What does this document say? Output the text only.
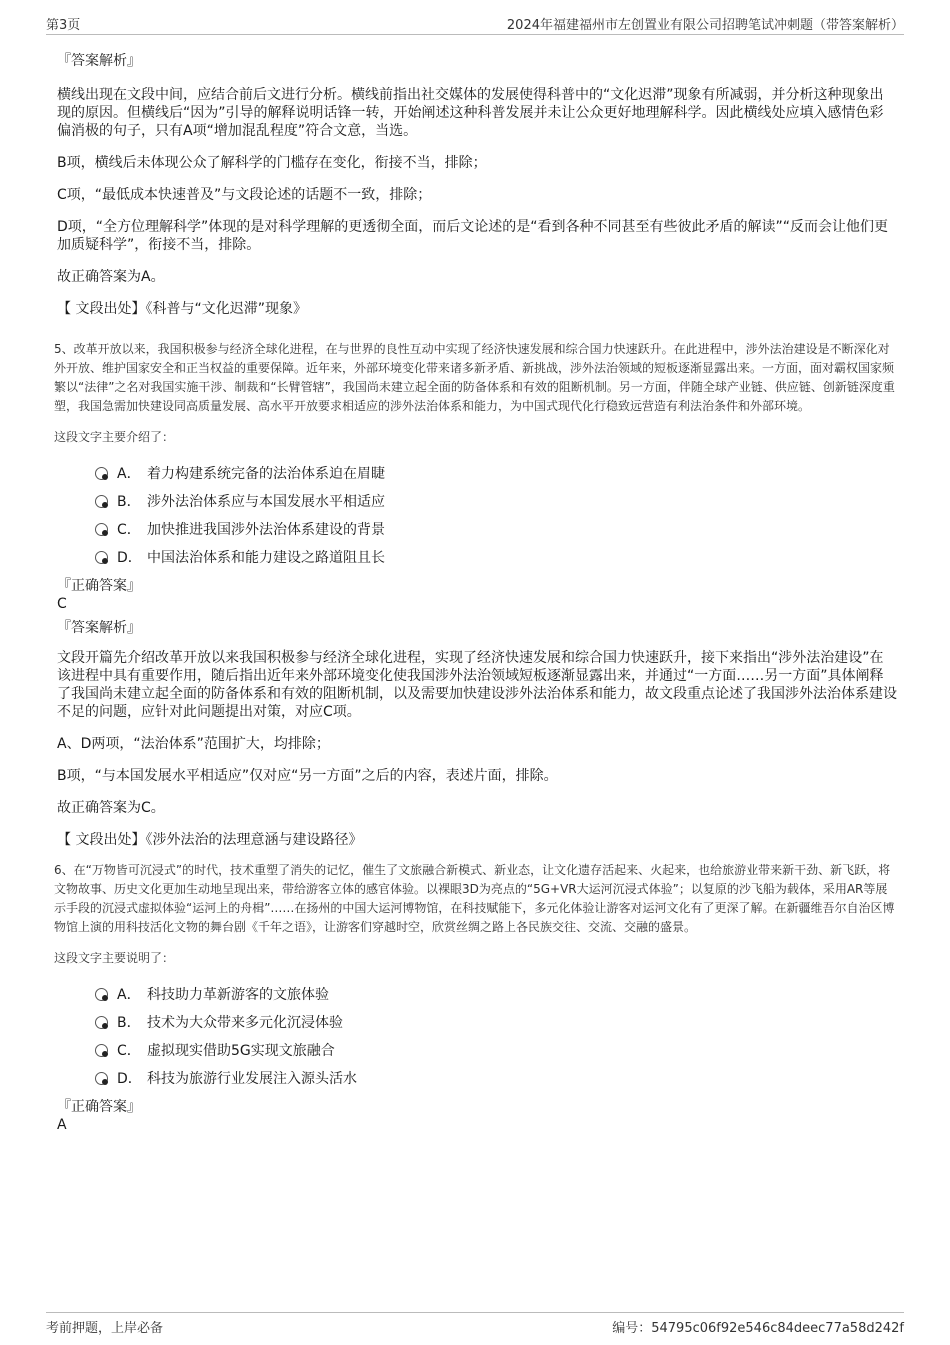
第3页	2024年福建福州市左创置业有限公司招聘笔试冲刺题（带答案解析）
『答案解析』

横线出现在文段中间，应结合前后文进行分析。横线前指出社交媒体的发展使得科普中的“文化迟滞”现象有所减弱，并分析这种现象出现的原因。但横线后“因为”引导的解释说明话锋一转，开始阐述这种科普发展并未让公众更好地理解科学。因此横线处应填入感情色彩偏消极的句子，只有A项“增加混乱程度”符合文意，当选。

B项，横线后未体现公众了解科学的门槛存在变化，衔接不当，排除；

C项，“最低成本快速普及”与文段论述的话题不一致，排除；

D项，“全方位理解科学”体现的是对科学理解的更透彻全面，而后文论述的是“看到各种不同甚至有些彼此矛盾的解读”“反而会让他们更加质疑科学”，衔接不当，排除。

故正确答案为A。

【 文段出处】《科普与“文化迟滞”现象》

5、改革开放以来，我国积极参与经济全球化进程，在与世界的良性互动中实现了经济快速发展和综合国力快速跃升。在此进程中，涉外法治建设是不断深化对外开放、维护国家安全和正当权益的重要保障。近年来，外部环境变化带来诸多新矛盾、新挑战，涉外法治领域的短板逐渐显露出来。一方面，面对霸权国家频繁以“法律”之名对我国实施干涉、制裁和“长臂管辖”，我国尚未建立起全面的防备体系和有效的阻断机制。另一方面，伴随全球产业链、供应链、创新链深度重塑，我国急需加快建设同高质量发展、高水平开放要求相适应的涉外法治体系和能力，为中国式现代化行稳致远营造有利法治条件和外部环境。

这段文字主要介绍了：

A． 着力构建系统完备的法治体系迫在眉睫
B． 涉外法治体系应与本国发展水平相适应
C． 加快推进我国涉外法治体系建设的背景
D． 中国法治体系和能力建设之路道阻且长
『正确答案』
C
『答案解析』

文段开篇先介绍改革开放以来我国积极参与经济全球化进程，实现了经济快速发展和综合国力快速跃升，接下来指出“涉外法治建设”在该进程中具有重要作用，随后指出近年来外部环境变化使我国涉外法治领域短板逐渐显露出来，并通过“一方面……另一方面”具体阐释了我国尚未建立起全面的防备体系和有效的阻断机制，以及需要加快建设涉外法治体系和能力，故文段重点论述了我国涉外法治体系建设不足的问题，应针对此问题提出对策，对应C项。

A、D两项，“法治体系”范围扩大，均排除；

B项，“与本国发展水平相适应”仅对应“另一方面”之后的内容，表述片面，排除。

故正确答案为C。

【 文段出处】《涉外法治的法理意涵与建设路径》

6、在“万物皆可沉浸式”的时代，技术重塑了消失的记忆，催生了文旅融合新模式、新业态，让文化遗存活起来、火起来，也给旅游业带来新干劲、新飞跃，将文物故事、历史文化更加生动地呈现出来，带给游客立体的感官体验。以裸眼3D为亮点的“5G+VR大运河沉浸式体验”；以复原的沙飞船为载体，采用AR等展示手段的沉浸式虚拟体验“运河上的舟楫”……在扬州的中国大运河博物馆，在科技赋能下，多元化体验让游客对运河文化有了更深了解。在新疆维吾尔自治区博物馆上演的用科技活化文物的舞台剧《千年之语》，让游客们穿越时空，欣赏丝绸之路上各民族交往、交流、交融的盛景。

这段文字主要说明了：

A． 科技助力革新游客的文旅体验
B． 技术为大众带来多元化沉浸体验
C． 虚拟现实借助5G实现文旅融合
D． 科技为旅游行业发展注入源头活水
『正确答案』
A
考前押题，上岸必备	编号：54795c06f92e546c84deec77a58d242f
